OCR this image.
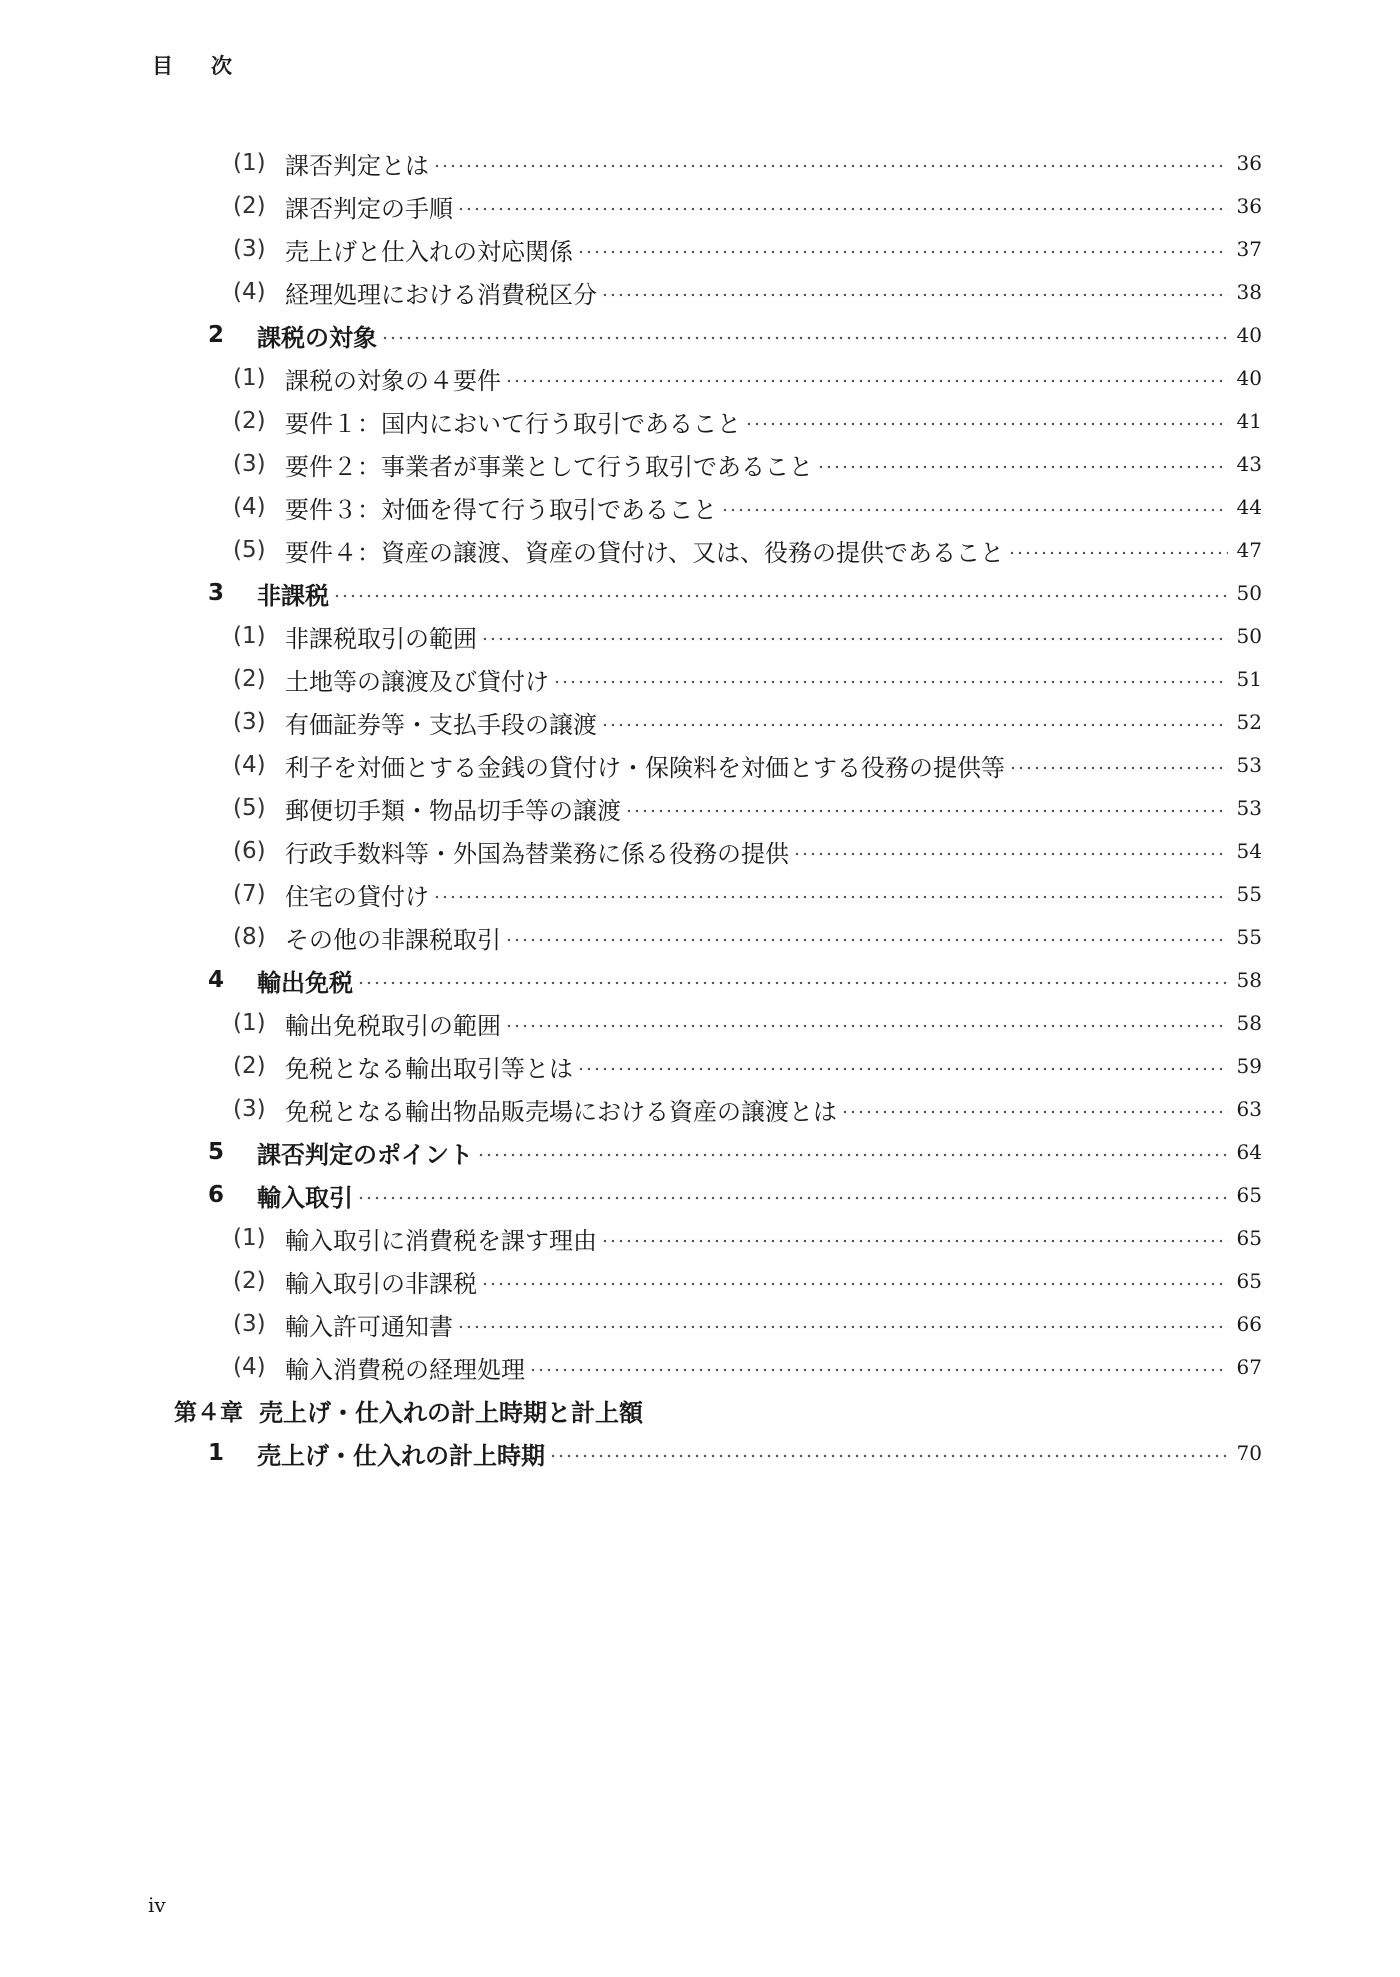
目次
(1) 課否判定とは	36
(2) 課否判定の手順	36
(3) 売上げと仕入れの対応関係	37
(4) 経理処理における消費税区分	38
2	課税の対象	40
(1) 課税の対象の４要件	40
(2) 要件１：国内において行う取引であること	41
(3) 要件２：事業者が事業として行う取引であること	43
(4) 要件３：対価を得て行う取引であること	44
(5) 要件４：資産の譲渡、資産の貸付け、又は、役務の提供であること	47
3	非課税	50
(1) 非課税取引の範囲	50
(2) 土地等の譲渡及び貸付け	51
(3) 有価証券等・支払手段の譲渡	52
(4) 利子を対価とする金銭の貸付け・保険料を対価とする役務の提供等	53
(5) 郵便切手類・物品切手等の譲渡	53
(6) 行政手数料等・外国為替業務に係る役務の提供	54
(7) 住宅の貸付け	55
(8) その他の非課税取引	55
4	輸出免税	58
(1) 輸出免税取引の範囲	58
(2) 免税となる輸出取引等とは	59
(3) 免税となる輸出物品販売場における資産の譲渡とは	63
5	課否判定のポイント	64
6	輸入取引	65
(1) 輸入取引に消費税を課す理由	65
(2) 輸入取引の非課税	65
(3) 輸入許可通知書	66
(4) 輸入消費税の経理処理	67
第４章 売上げ・仕入れの計上時期と計上額
1	売上げ・仕入れの計上時期	70
iv
